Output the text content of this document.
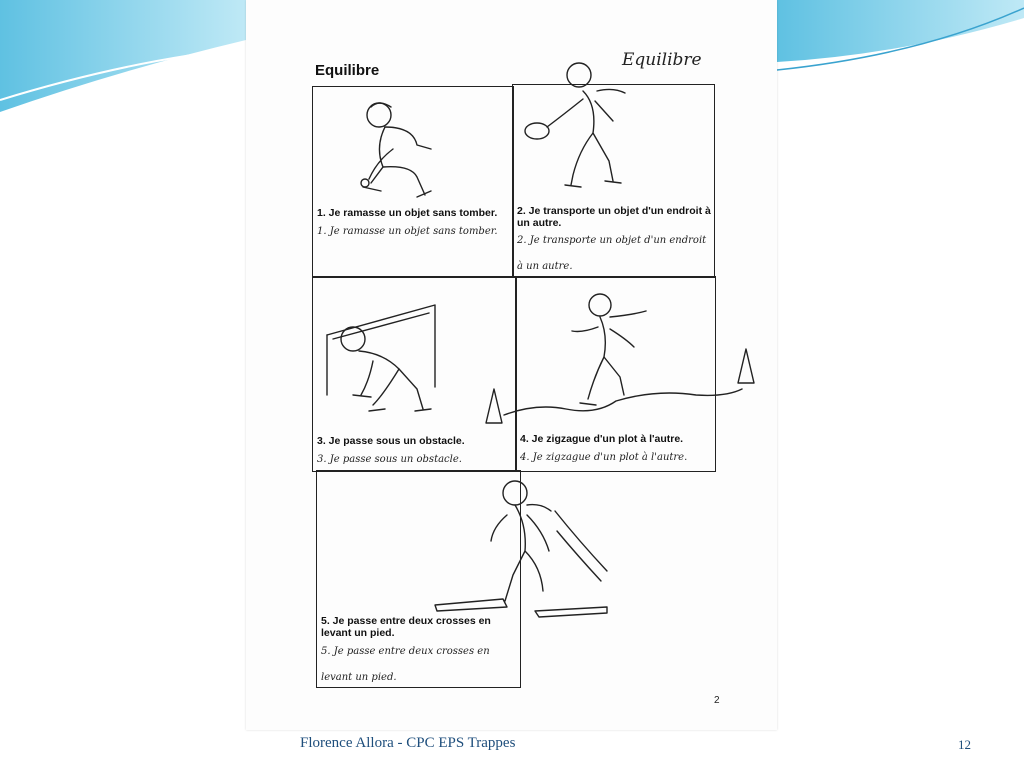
Equilibre
Equilibre
1. Je ramasse un objet sans tomber.
1. Je ramasse un objet sans tomber.
2. Je transporte un objet d'un endroit à un autre.
2. Je transporte un objet d'un endroit
à un autre.
3. Je passe sous un obstacle.
3. Je passe sous un obstacle.
4. Je zigzague d'un plot à l'autre.
4. Je zigzague d'un plot à l'autre.
5. Je passe entre deux crosses en levant un pied.
5. Je passe entre deux crosses en
levant un pied.
2
Florence Allora - CPC EPS Trappes	12
